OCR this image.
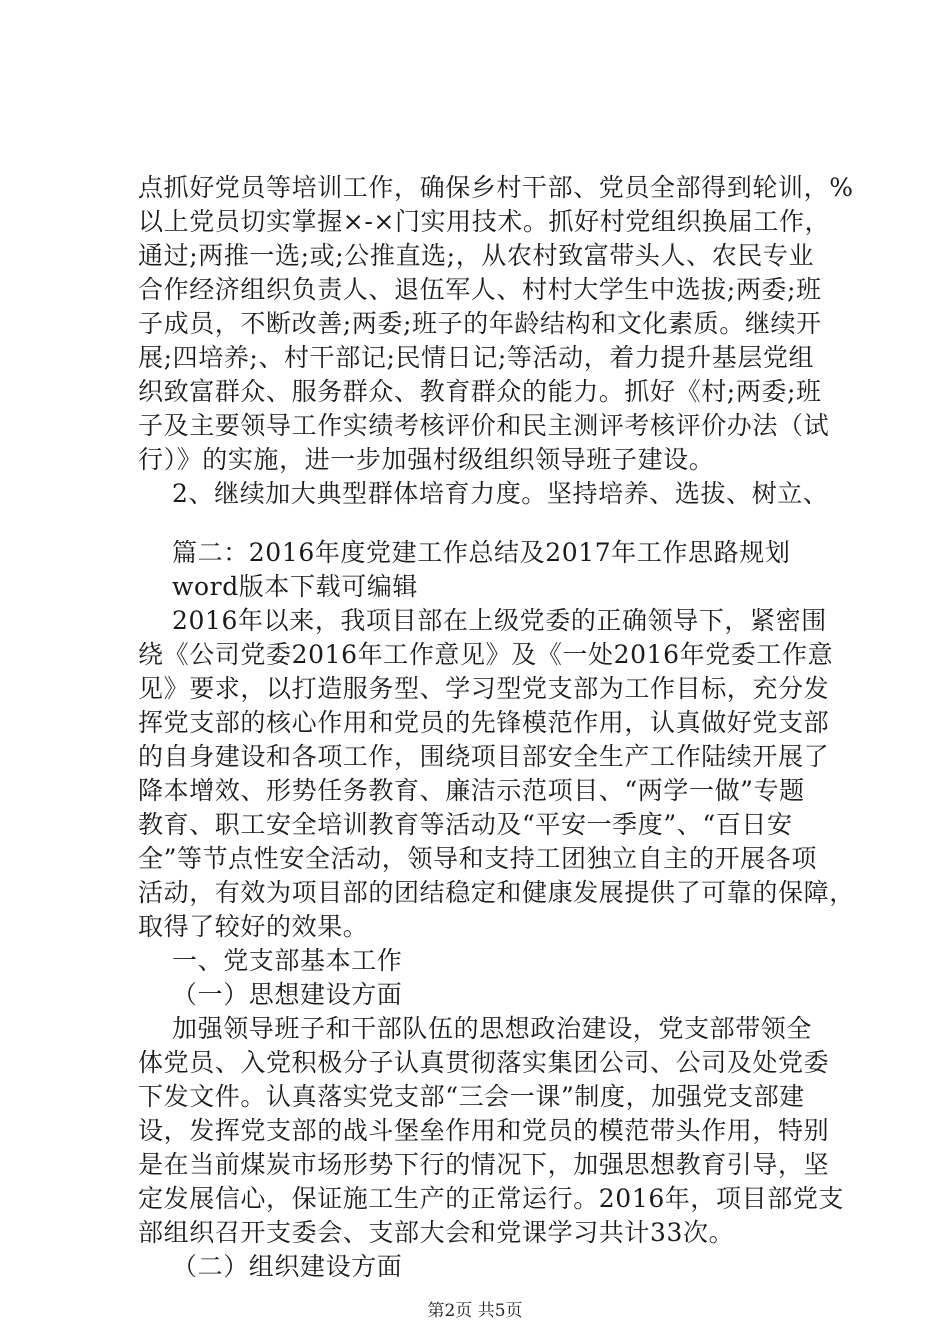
点抓好党员等培训工作，确保乡村干部、党员全部得到轮训，%
以上党员切实掌握×-×门实用技术。抓好村党组织换届工作，
通过;两推一选;或;公推直选;，从农村致富带头人、农民专业
合作经济组织负责人、退伍军人、村村大学生中选拔;两委;班
子成员，不断改善;两委;班子的年龄结构和文化素质。继续开
展;四培养;、村干部记;民情日记;等活动，着力提升基层党组
织致富群众、服务群众、教育群众的能力。抓好《村;两委;班
子及主要领导工作实绩考核评价和民主测评考核评价办法（试
行）》的实施，进一步加强村级组织领导班子建设。
2、继续加大典型群体培育力度。坚持培养、选拔、树立、
篇二：2016年度党建工作总结及2017年工作思路规划
word版本下载可编辑
2016年以来，我项目部在上级党委的正确领导下，紧密围
绕《公司党委2016年工作意见》及《一处2016年党委工作意
见》要求，以打造服务型、学习型党支部为工作目标，充分发
挥党支部的核心作用和党员的先锋模范作用，认真做好党支部
的自身建设和各项工作，围绕项目部安全生产工作陆续开展了
降本增效、形势任务教育、廉洁示范项目、“两学一做”专题
教育、职工安全培训教育等活动及“平安一季度”、“百日安
全”等节点性安全活动，领导和支持工团独立自主的开展各项
活动，有效为项目部的团结稳定和健康发展提供了可靠的保障，
取得了较好的效果。
一、党支部基本工作
（一）思想建设方面
加强领导班子和干部队伍的思想政治建设，党支部带领全
体党员、入党积极分子认真贯彻落实集团公司、公司及处党委
下发文件。认真落实党支部“三会一课”制度，加强党支部建
设，发挥党支部的战斗堡垒作用和党员的模范带头作用，特别
是在当前煤炭市场形势下行的情况下，加强思想教育引导，坚
定发展信心，保证施工生产的正常运行。2016年，项目部党支
部组织召开支委会、支部大会和党课学习共计33次。
（二）组织建设方面
第2页 共5页
